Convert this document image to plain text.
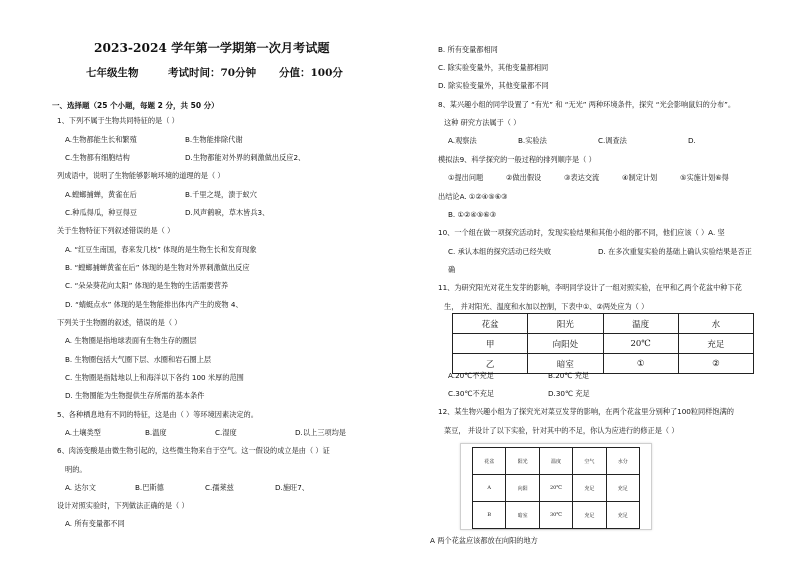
2023-2024 学年第一学期第一次月考试题
七年级生物	考试时间：70分钟 分值：100分
一、选择题（25 个小题，每题 2 分，共 50 分）
1、下列不属于生物共同特征的是（ ）
A.生物都能生长和繁殖	B.生物能排除代谢
C.生物都有细胞结构	D.生物都能对外界的刺激做出反应2、
列成语中，说明了生物能够影响环境的道理的是（ ）
A.螳螂捕蝉，黄雀在后	B.千里之堤，溃于蚁穴
C.种瓜得瓜，种豆得豆	D.风声鹤唳，草木皆兵3、
关于生物特征下列叙述错误的是（ ）
A. “红豆生南国，春来发几枝” 体现的是生物生长和发育现象
B. “螳螂捕蝉黄雀在后” 体现的是生物对外界刺激做出反应
C. “朵朵葵花向太阳” 体现的是生物的生活需要营养
D. “蜻蜓点水” 体现的是生物能排出体内产生的废物 4、
下列关于生物圈的叙述，错误的是（ ）
A. 生物圈是指地球表面有生物生存的圈层
B. 生物圈包括大气圈下层、水圈和岩石圈上层
C. 生物圈是指陆地以上和海洋以下各约 100 米厚的范围
D. 生物圈能为生物提供生存所需的基本条件
5、各种栖息地有不同的特征，这是由（ ）等环境因素决定的。
A.土壤类型	B.温度	C.湿度	D.以上三项均是
6、肉汤变酸是由微生物引起的，这些微生物来自于空气。这一假设的成立是由（ ）证
明的。
A. 达尔文	B.巴斯德	C.孺莱兹	D.施旺7、
设计对照实验时，下列做法正确的是（ ）
A. 所有变量都不同
B. 所有变量都相同
C. 除实验变量外，其他变量都相同
D. 除实验变量外，其他变量都不同
8、某兴趣小组的同学设置了 “有光” 和 “无光” 两种环境条件，探究 “光会影响鼠妇的分布”。
这种 研究方法属于（ ）
A.观察法	B.实验法	C.调查法	D.
模拟法9、科学探究的一般过程的排列顺序是（ ）
①提出问题	②做出假设	③表达交流	④制定计划	⑤实施计划⑥得
出结论A. ①②④⑤⑥③
B. ①②④⑤⑥③
10、一个组在做一项探究活动时，发现实验结果和其他小组的都不同，他们应该（ ）A. 坚
C. 承认本组的探究活动已经失败	D. 在多次重复实验的基础上确认实验结果是否正
确
11、为研究阳光对花生发芽的影响，李明同学设计了一组对照实验，在甲和乙两个花盆中种下花
生， 并对阳光、温度和水加以控制，下表中①、②两处应为（ ）
花盆	阳光	温度	水
甲	向阳处	20℃	充足
乙	暗室	①	②
A.20℃不充足	B.20℃ 充足
C.30℃不充足	D.30℃ 充足
12、某生物兴趣小组为了探究光对菜豆发芽的影响，在两个花盆里分别种了100粒同样饱满的
菜豆， 并设计了以下实验，针对其中的不足，你认为应进行的修正是（ ）
花盆	阳光	温度	空气	水分
A	向阳	20℃	充足	充足
B	暗室	30℃	充足	充足
A 两个花盆应该都放在向阳的地方
